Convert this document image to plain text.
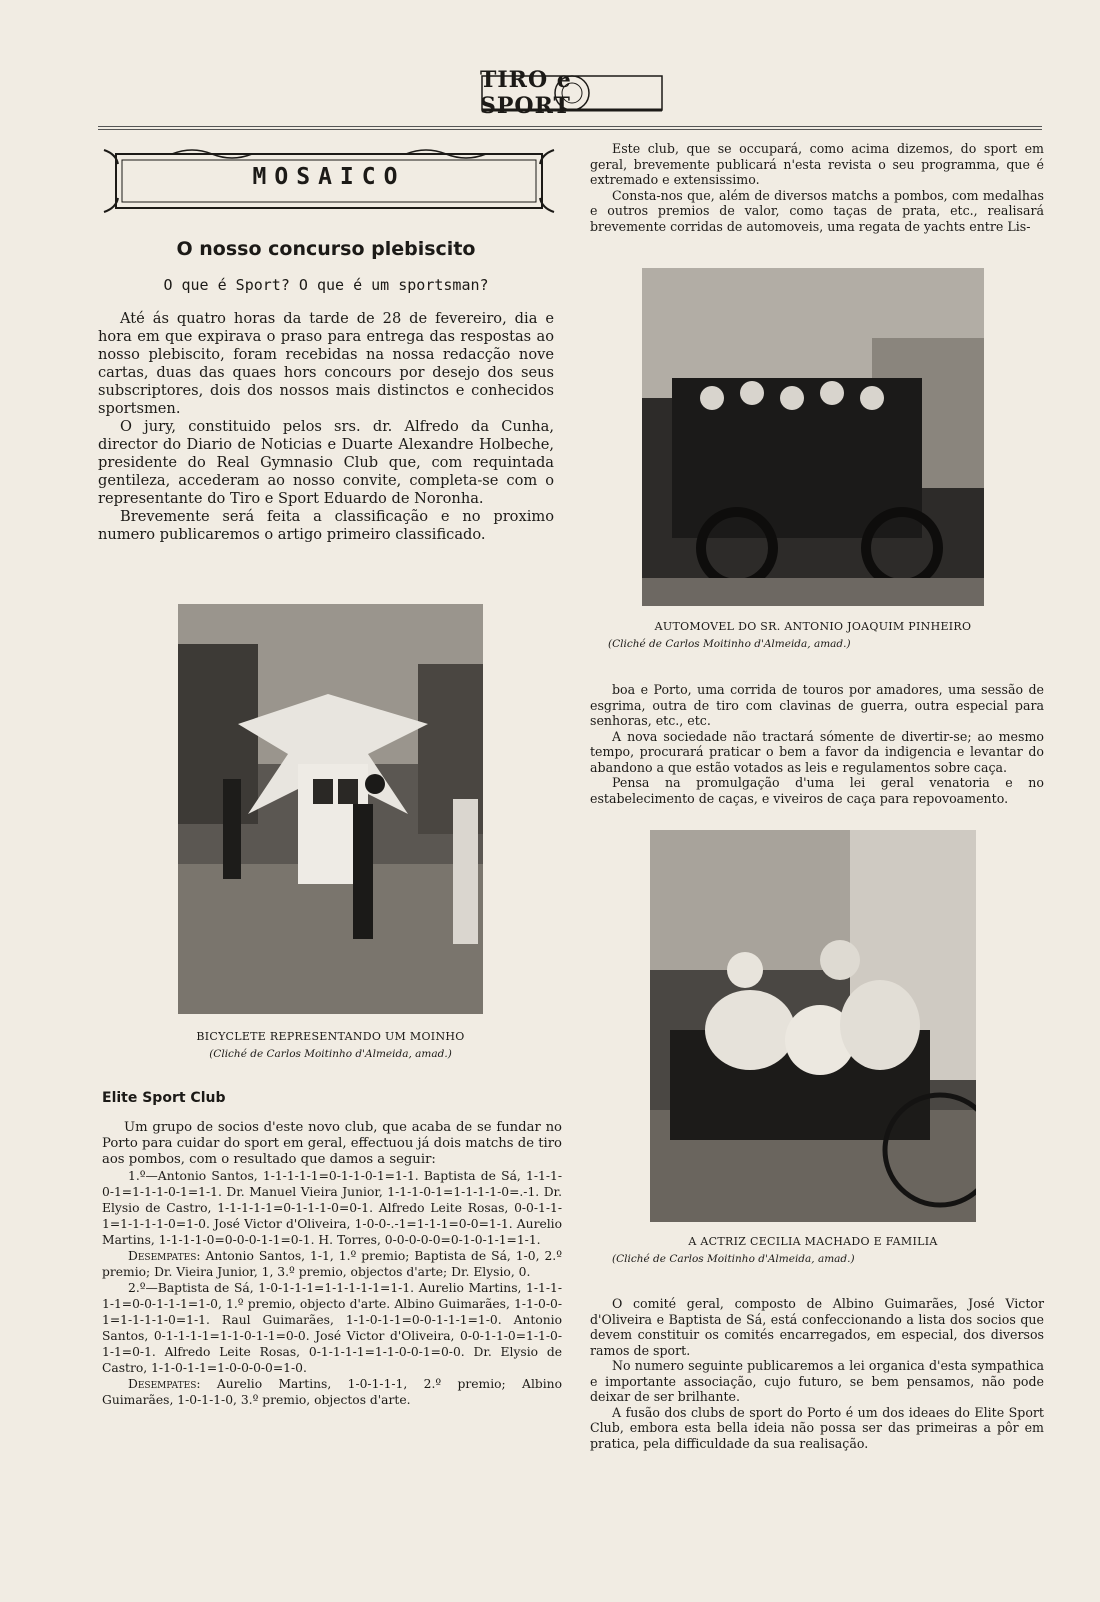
TIRO e SPORT
MOSAICO
O nosso concurso plebiscito
O que é Sport? O que é um sportsman?

Até ás quatro horas da tarde de 28 de fevereiro, dia e hora em que expirava o praso para entrega das respostas ao nosso plebiscito, foram recebidas na nossa redacção nove cartas, duas das quaes hors concours por desejo dos seus subscriptores, dois dos nossos mais distinctos e conhecidos sportsmen.

O jury, constituido pelos srs. dr. Alfredo da Cunha, director do Diario de Noticias e Duarte Alexandre Holbeche, presidente do Real Gymnasio Club que, com requintada gentileza, accederam ao nosso convite, completa-se com o representante do Tiro e Sport Eduardo de Noronha.

Brevemente será feita a classificação e no proximo numero publicaremos o artigo primeiro classificado.

BICYCLETE REPRESENTANDO UM MOINHO
(Cliché de Carlos Moitinho d'Almeida, amad.)
Elite Sport Club

Um grupo de socios d'este novo club, que acaba de se fundar no Porto para cuidar do sport em geral, effectuou já dois matchs de tiro aos pombos, com o resultado que damos a seguir:

1.º—Antonio Santos, 1-1-1-1-1=0-1-1-0-1=1-1. Baptista de Sá, 1-1-1-0-1=1-1-1-0-1=1-1. Dr. Manuel Vieira Junior, 1-1-1-0-1=1-1-1-1-0=.-1. Dr. Elysio de Castro, 1-1-1-1-1=0-1-1-1-0=0-1. Alfredo Leite Rosas, 0-0-1-1-1=1-1-1-1-0=1-0. José Victor d'Oliveira, 1-0-0-.-1=1-1-1=0-0=1-1. Aurelio Martins, 1-1-1-1-0=0-0-0-1-1=0-1. H. Torres, 0-0-0-0-0=0-1-0-1-1=1-1.

Desempates: Antonio Santos, 1-1, 1.º premio; Baptista de Sá, 1-0, 2.º premio; Dr. Vieira Junior, 1, 3.º premio, objectos d'arte; Dr. Elysio, 0.

2.º—Baptista de Sá, 1-0-1-1-1=1-1-1-1-1=1-1. Aurelio Martins, 1-1-1-1-1=0-0-1-1-1=1-0, 1.º premio, objecto d'arte. Albino Guimarães, 1-1-0-0-1=1-1-1-1-0=1-1. Raul Guimarães, 1-1-0-1-1=0-0-1-1-1=1-0. Antonio Santos, 0-1-1-1-1=1-1-0-1-1=0-0. José Victor d'Oliveira, 0-0-1-1-0=1-1-0-1-1=0-1. Alfredo Leite Rosas, 0-1-1-1-1=1-1-0-0-1=0-0. Dr. Elysio de Castro, 1-1-0-1-1=1-0-0-0-0=1-0.

Desempates: Aurelio Martins, 1-0-1-1-1, 2.º premio; Albino Guimarães, 1-0-1-1-0, 3.º premio, objectos d'arte.

Este club, que se occupará, como acima dizemos, do sport em geral, brevemente publicará n'esta revista o seu programma, que é extremado e extensissimo.

Consta-nos que, além de diversos matchs a pombos, com medalhas e outros premios de valor, como taças de prata, etc., realisará brevemente corridas de automoveis, uma regata de yachts entre Lis-

AUTOMOVEL DO SR. ANTONIO JOAQUIM PINHEIRO
(Cliché de Carlos Moitinho d'Almeida, amad.)

boa e Porto, uma corrida de touros por amadores, uma sessão de esgrima, outra de tiro com clavinas de guerra, outra especial para senhoras, etc., etc.

A nova sociedade não tractará sómente de divertir-se; ao mesmo tempo, procurará praticar o bem a favor da indigencia e levantar do abandono a que estão votados as leis e regulamentos sobre caça.

Pensa na promulgação d'uma lei geral venatoria e no estabelecimento de caças, e viveiros de caça para repovoamento.

A ACTRIZ CECILIA MACHADO E FAMILIA
(Cliché de Carlos Moitinho d'Almeida, amad.)

O comité geral, composto de Albino Guimarães, José Victor d'Oliveira e Baptista de Sá, está confeccionando a lista dos socios que devem constituir os comités encarregados, em especial, dos diversos ramos de sport.

No numero seguinte publicaremos a lei organica d'esta sympathica e importante associação, cujo futuro, se bem pensamos, não pode deixar de ser brilhante.

A fusão dos clubs de sport do Porto é um dos ideaes do Elite Sport Club, embora esta bella ideia não possa ser das primeiras a pôr em pratica, pela difficuldade da sua realisação.
